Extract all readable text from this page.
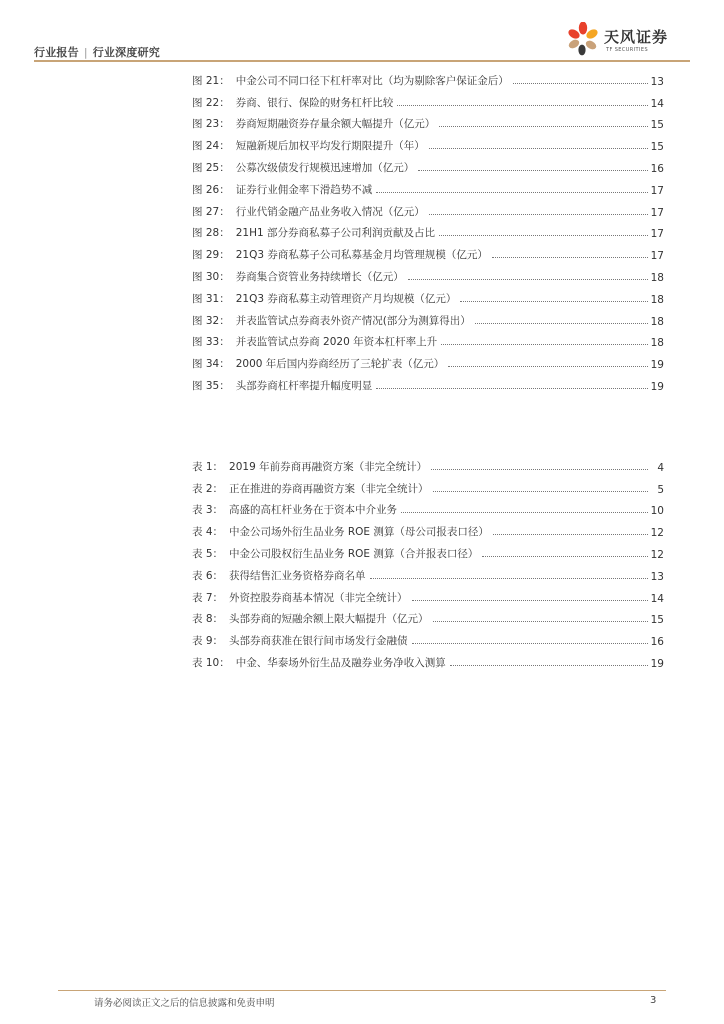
行业报告 | 行业深度研究
天风证券
TF SECURITIES
图 21： 中金公司不同口径下杠杆率对比（均为剔除客户保证金后）	13
图 22： 券商、银行、保险的财务杠杆比较	14
图 23： 券商短期融资券存量余额大幅提升（亿元）	15
图 24： 短融新规后加权平均发行期限提升（年）	15
图 25： 公募次级债发行规模迅速增加（亿元）	16
图 26： 证券行业佣金率下滑趋势不减	17
图 27： 行业代销金融产品业务收入情况（亿元）	17
图 28： 21H1 部分券商私募子公司利润贡献及占比	17
图 29： 21Q3 券商私募子公司私募基金月均管理规模（亿元）	17
图 30： 券商集合资管业务持续增长（亿元）	18
图 31： 21Q3 券商私募主动管理资产月均规模（亿元）	18
图 32： 并表监管试点券商表外资产情况(部分为测算得出）	18
图 33： 并表监管试点券商 2020 年资本杠杆率上升	18
图 34： 2000 年后国内券商经历了三轮扩表（亿元）	19
图 35： 头部券商杠杆率提升幅度明显	19
表 1： 2019 年前券商再融资方案（非完全统计）	4
表 2： 正在推进的券商再融资方案（非完全统计）	5
表 3： 高盛的高杠杆业务在于资本中介业务	10
表 4： 中金公司场外衍生品业务 ROE 测算（母公司报表口径）	12
表 5： 中金公司股权衍生品业务 ROE 测算（合并报表口径）	12
表 6： 获得结售汇业务资格券商名单	13
表 7： 外资控股券商基本情况（非完全统计）	14
表 8： 头部券商的短融余额上限大幅提升（亿元）	15
表 9： 头部券商获准在银行间市场发行金融债	16
表 10： 中金、华泰场外衍生品及融券业务净收入测算	19
请务必阅读正文之后的信息披露和免责申明	3
